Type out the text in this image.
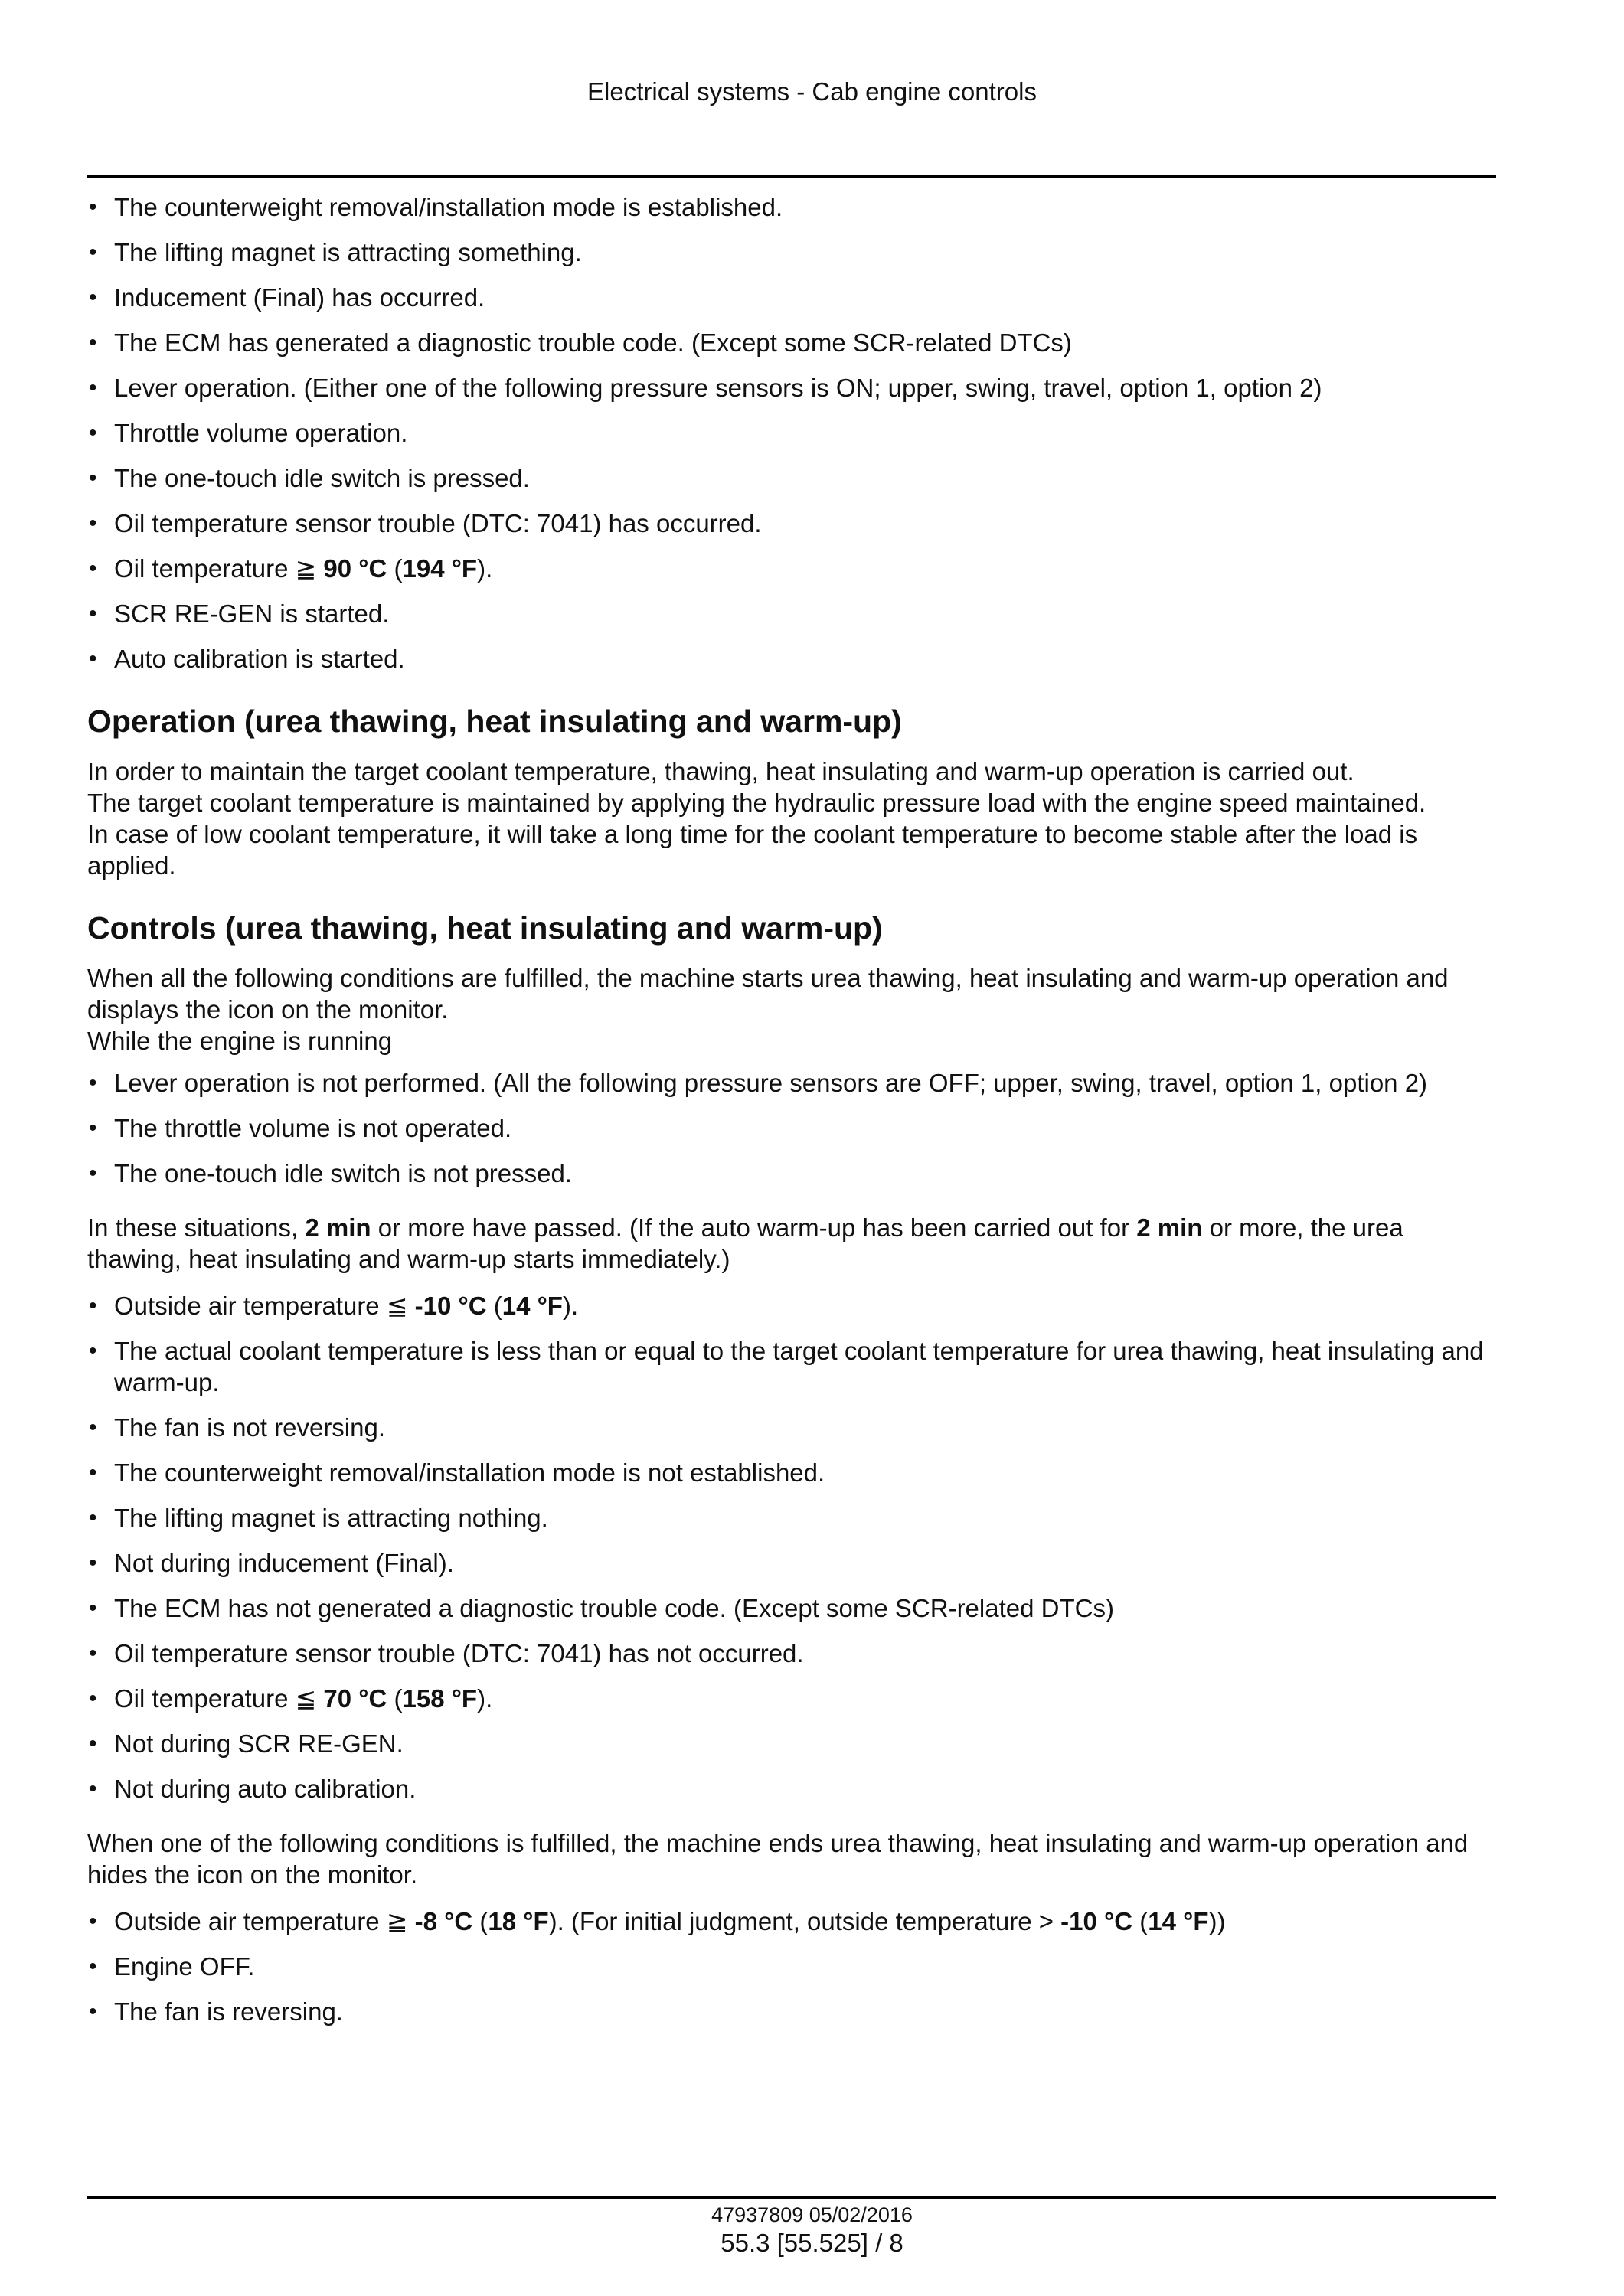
Electrical systems - Cab engine controls
• The counterweight removal/installation mode is established.
• The lifting magnet is attracting something.
• Inducement (Final) has occurred.
• The ECM has generated a diagnostic trouble code. (Except some SCR-related DTCs)
• Lever operation. (Either one of the following pressure sensors is ON; upper, swing, travel, option 1, option 2)
• Throttle volume operation.
• The one-touch idle switch is pressed.
• Oil temperature sensor trouble (DTC: 7041) has occurred.
• Oil temperature ≧ 90 °C (194 °F).
• SCR RE-GEN is started.
• Auto calibration is started.
Operation (urea thawing, heat insulating and warm-up)

In order to maintain the target coolant temperature, thawing, heat insulating and warm-up operation is carried out.

The target coolant temperature is maintained by applying the hydraulic pressure load with the engine speed maintained.

In case of low coolant temperature, it will take a long time for the coolant temperature to become stable after the load is applied.

Controls (urea thawing, heat insulating and warm-up)

When all the following conditions are fulfilled, the machine starts urea thawing, heat insulating and warm-up operation and displays the icon on the monitor.

While the engine is running

• Lever operation is not performed. (All the following pressure sensors are OFF; upper, swing, travel, option 1, option 2)
• The throttle volume is not operated.
• The one-touch idle switch is not pressed.

In these situations, 2 min or more have passed. (If the auto warm-up has been carried out for 2 min or more, the urea thawing, heat insulating and warm-up starts immediately.)

• Outside air temperature ≦ -10 °C (14 °F).
• The actual coolant temperature is less than or equal to the target coolant temperature for urea thawing, heat insulating and warm-up.
• The fan is not reversing.
• The counterweight removal/installation mode is not established.
• The lifting magnet is attracting nothing.
• Not during inducement (Final).
• The ECM has not generated a diagnostic trouble code. (Except some SCR-related DTCs)
• Oil temperature sensor trouble (DTC: 7041) has not occurred.
• Oil temperature ≦ 70 °C (158 °F).
• Not during SCR RE-GEN.
• Not during auto calibration.

When one of the following conditions is fulfilled, the machine ends urea thawing, heat insulating and warm-up operation and hides the icon on the monitor.

• Outside air temperature ≧ -8 °C (18 °F). (For initial judgment, outside temperature > -10 °C (14 °F))
• Engine OFF.
• The fan is reversing.
47937809 05/02/2016
55.3 [55.525] / 8
